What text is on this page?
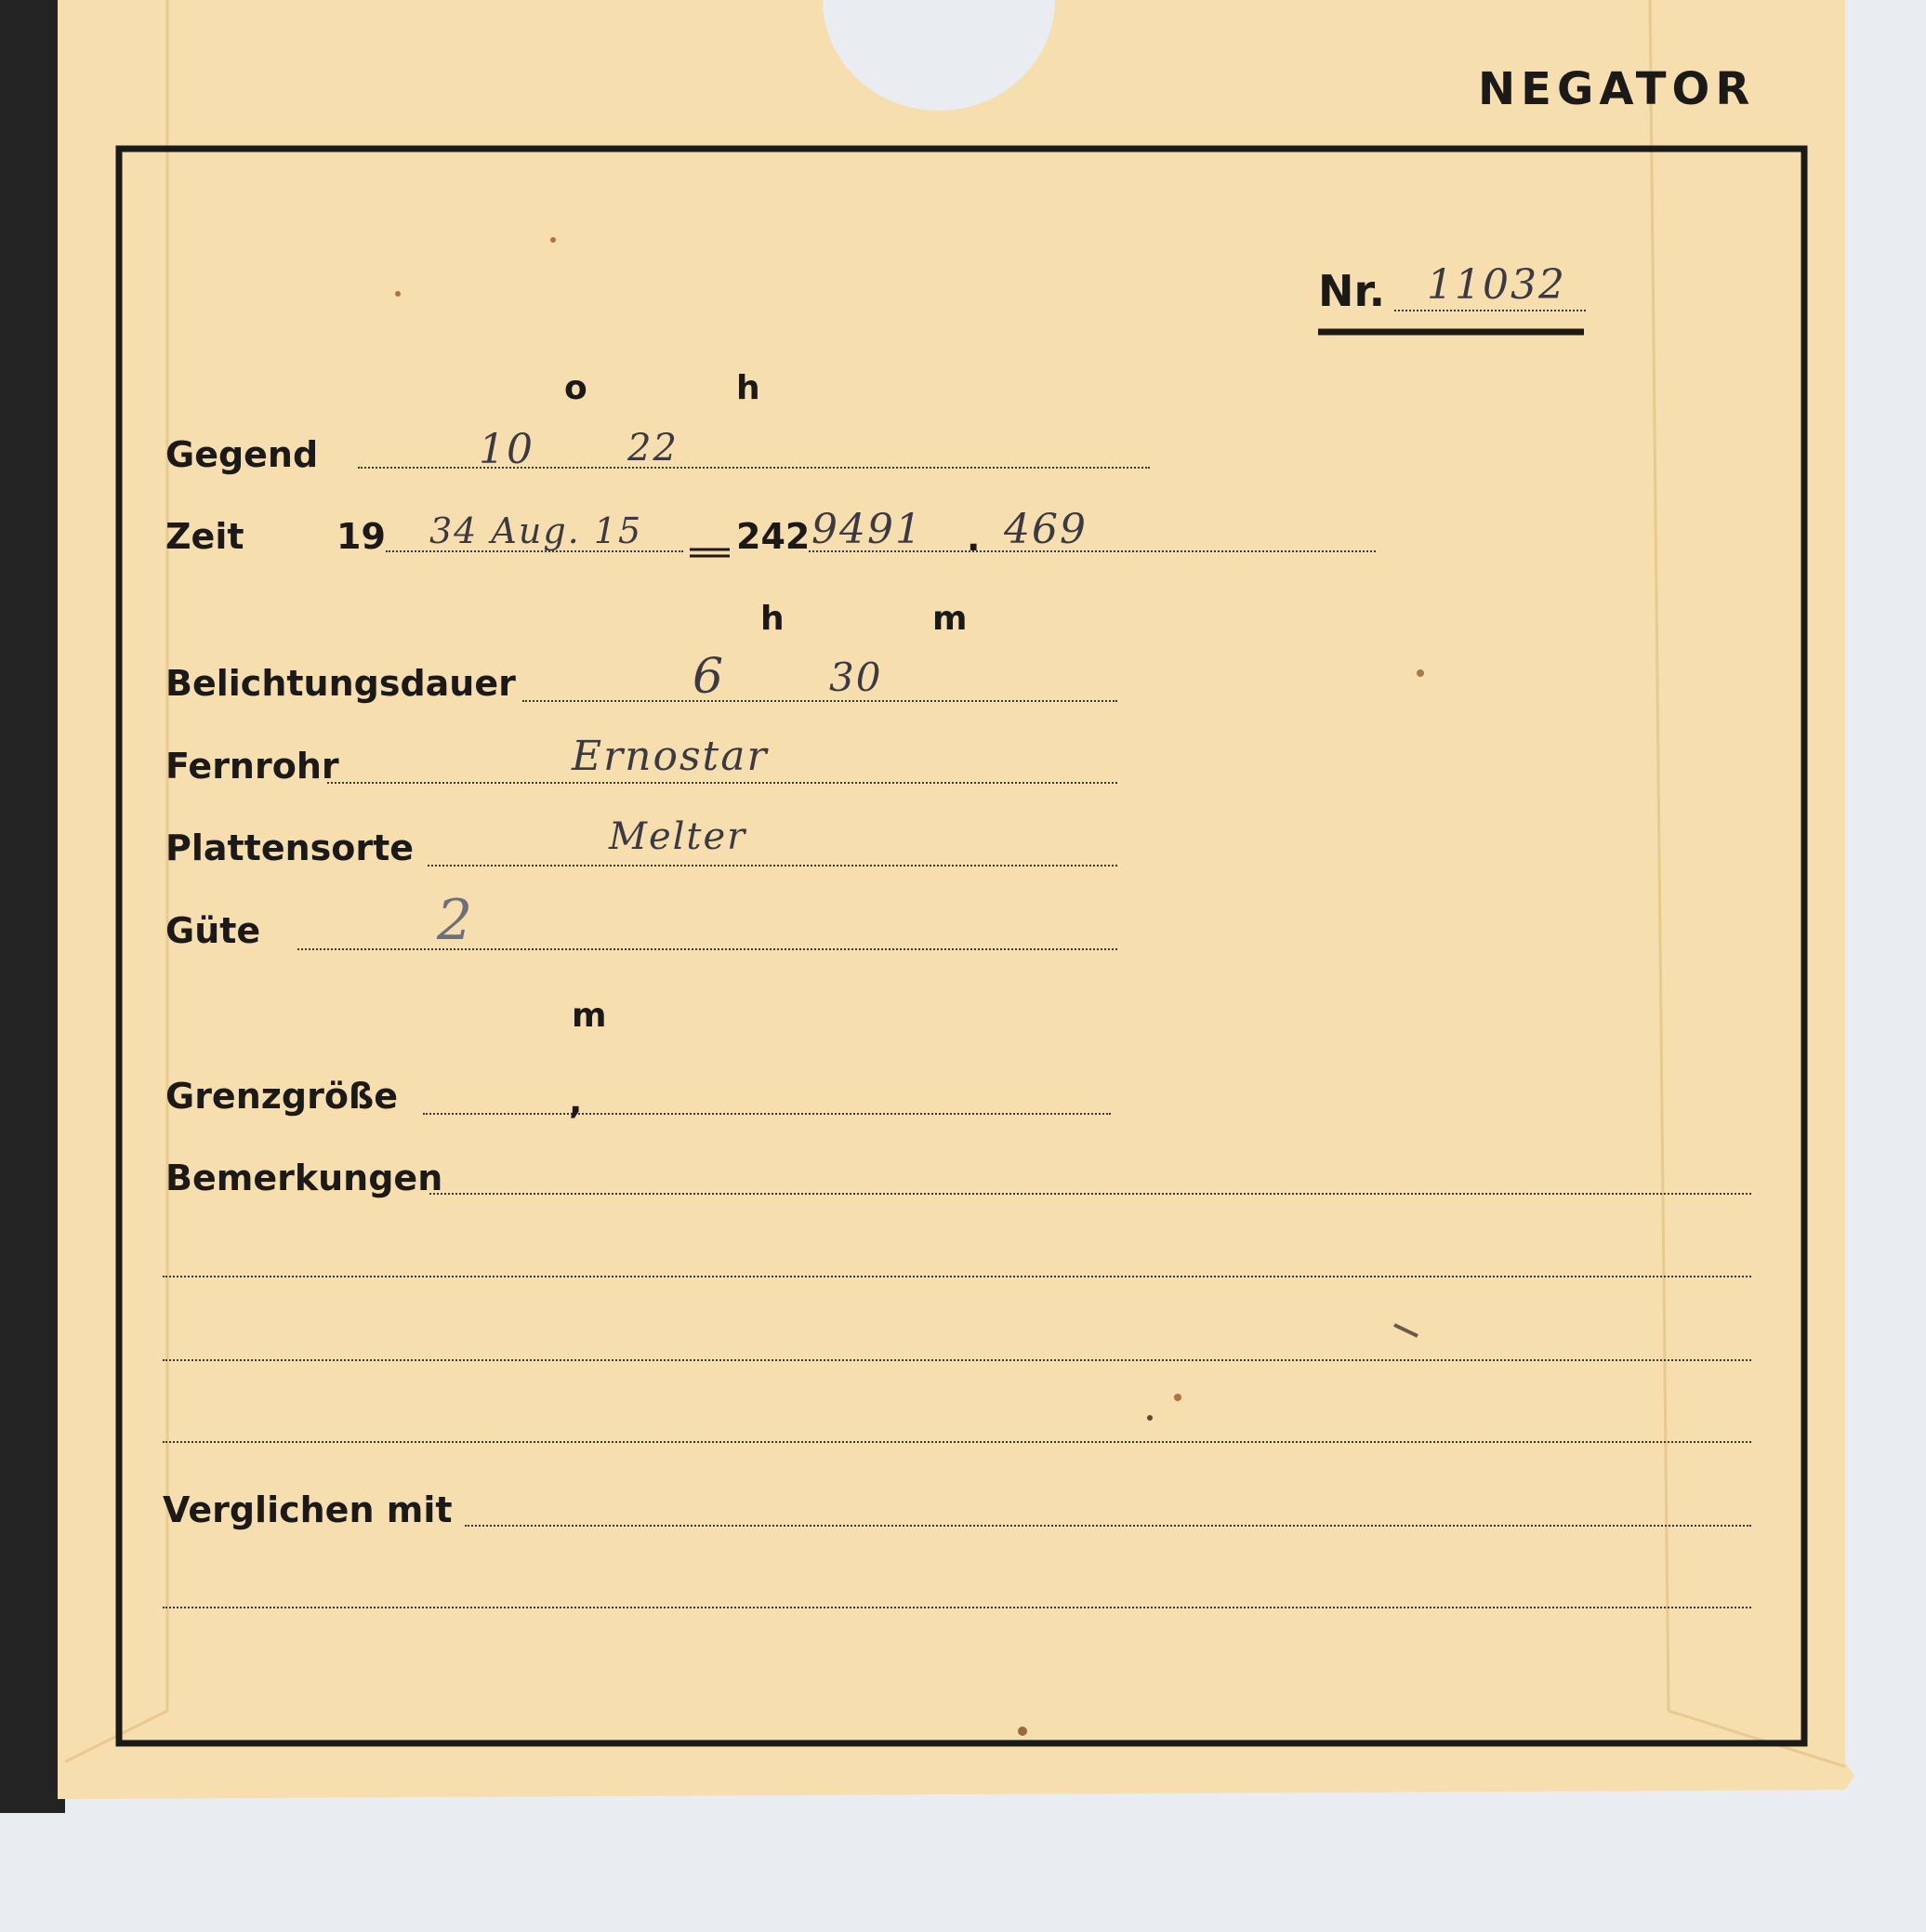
NEGATOR
Nr. 11032
o	h
Gegend	10	22
Zeit	19 34 Aug. 15	242 9491 . 469
h	m
Belichtungsdauer	6	30
Fernrohr	Ernostar
Plattensorte	Melter
Güte	2
m
Grenzgröße	,
Bemerkungen
Verglichen mit
